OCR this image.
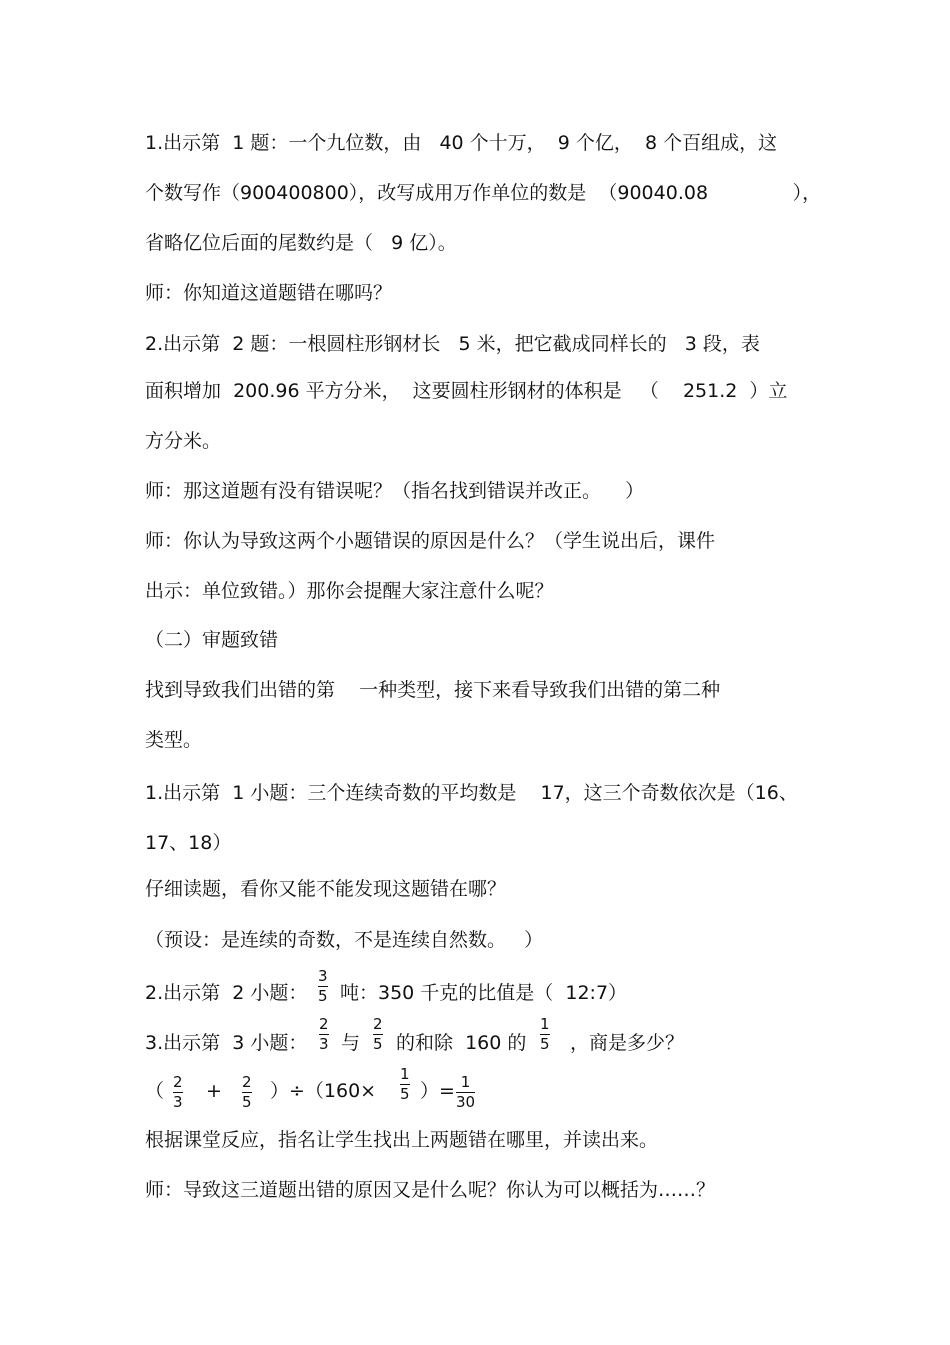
1.出示第  1 题：一个九位数，由   40 个十万，  9 个亿，  8 个百组成，这
个数写作（900400800），改写成用万作单位的数是  （90040.08              ），
省略亿位后面的尾数约是（   9 亿）。
师：你知道这道题错在哪吗？
2.出示第  2 题：一根圆柱形钢材长   5 米，把它截成同样长的   3 段，表
面积增加  200.96 平方分米，  这要圆柱形钢材的体积是   （    251.2  ）立
方分米。
师：那这道题有没有错误呢？（指名找到错误并改正。    ）
师：你认为导致这两个小题错误的原因是什么？（学生说出后，课件
出示：单位致错。）那你会提醒大家注意什么呢？
（二）审题致错
找到导致我们出错的第    一种类型，接下来看导致我们出错的第二种
类型。
1.出示第  1 小题：三个连续奇数的平均数是    17，这三个奇数依次是（16、
17、18）
仔细读题，看你又能不能发现这题错在哪？
（预设：是连续的奇数，不是连续自然数。   ）
2.出示第  2 小题：
3
5 吨：350 千克的比值是（  12:7）
3.出示第  3 小题：
2
3 与
2
5 的和除  160 的
1
5 ，商是多少？
（ 2
3 + 2
5 ）÷（160×
1
5 ）= 1
30
根据课堂反应，指名让学生找出上两题错在哪里，并读出来。
师：导致这三道题出错的原因又是什么呢？你认为可以概括为……？
